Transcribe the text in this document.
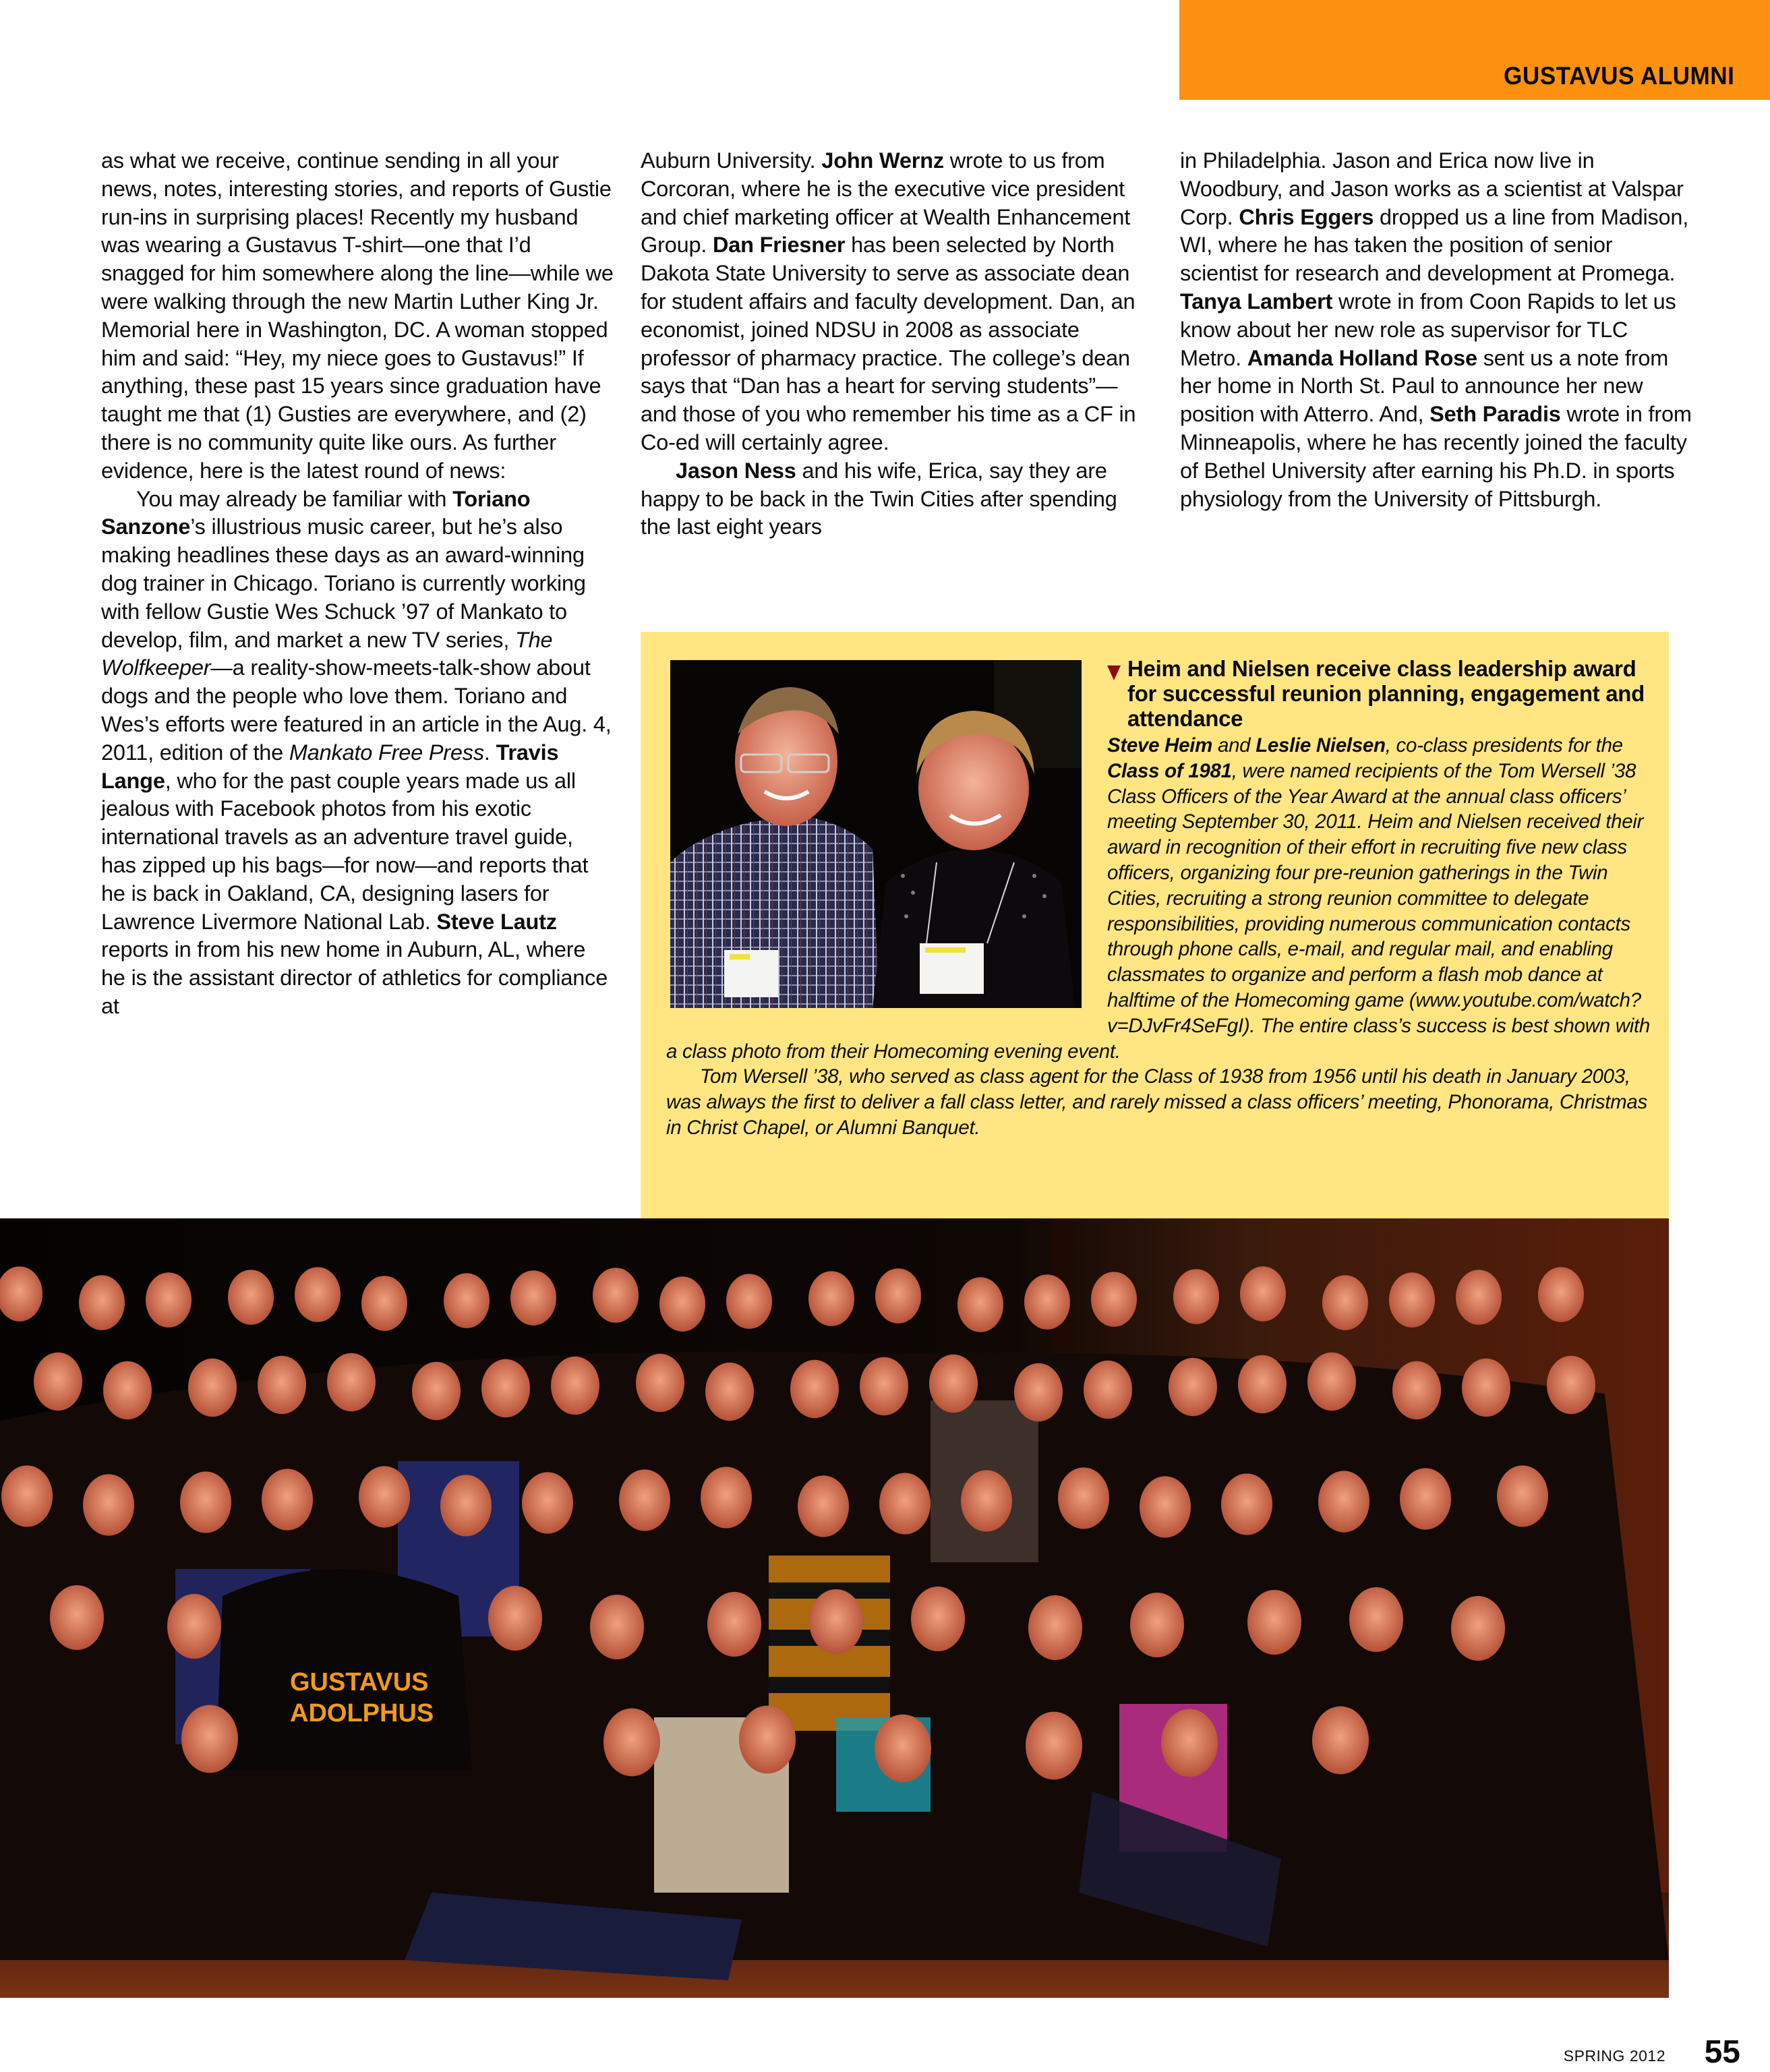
GUSTAVUS ALUMNI

as what we receive, continue sending in all your news, notes, interesting stories, and reports of Gustie run-ins in surprising places! Recently my husband was wearing a Gustavus T-shirt—one that I’d snagged for him somewhere along the line—while we were walking through the new Martin Luther King Jr. Memorial here in Washington, DC. A woman stopped him and said: “Hey, my niece goes to Gustavus!” If anything, these past 15 years since graduation have taught me that (1) Gusties are everywhere, and (2) there is no community quite like ours. As further evidence, here is the latest round of news:

You may already be familiar with Toriano Sanzone’s illustrious music career, but he’s also making headlines these days as an award-winning dog trainer in Chicago. Toriano is currently working with fellow Gustie Wes Schuck ’97 of Mankato to develop, film, and market a new TV series, The Wolfkeeper—a reality-show-meets-talk-show about dogs and the people who love them. Toriano and Wes’s efforts were featured in an article in the Aug. 4, 2011, edition of the Mankato Free Press. Travis Lange, who for the past couple years made us all jealous with Facebook photos from his exotic international travels as an adventure travel guide, has zipped up his bags—for now—and reports that he is back in Oakland, CA, designing lasers for Lawrence Livermore National Lab. Steve Lautz reports in from his new home in Auburn, AL, where he is the assistant director of athletics for compliance at

Auburn University. John Wernz wrote to us from Corcoran, where he is the executive vice president and chief marketing officer at Wealth Enhancement Group. Dan Friesner has been selected by North Dakota State University to serve as associate dean for student affairs and faculty development. Dan, an economist, joined NDSU in 2008 as associate professor of pharmacy practice. The college’s dean says that “Dan has a heart for serving students”—and those of you who remember his time as a CF in Co-ed will certainly agree.

Jason Ness and his wife, Erica, say they are happy to be back in the Twin Cities after spending the last eight years

in Philadelphia. Jason and Erica now live in Woodbury, and Jason works as a scientist at Valspar Corp. Chris Eggers dropped us a line from Madison, WI, where he has taken the position of senior scientist for research and development at Promega. Tanya Lambert wrote in from Coon Rapids to let us know about her new role as supervisor for TLC Metro. Amanda Holland Rose sent us a note from her home in North St. Paul to announce her new position with Atterro. And, Seth Paradis wrote in from Minneapolis, where he has recently joined the faculty of Bethel University after earning his Ph.D. in sports physiology from the University of Pittsburgh.

Heim and Nielsen receive class leadership award for successful reunion planning, engagement and attendance

Steve Heim and Leslie Nielsen, co-class presidents for the Class of 1981, were named recipients of the Tom Wersell ’38 Class Officers of the Year Award at the annual class officers’ meeting September 30, 2011. Heim and Nielsen received their award in recognition of their effort in recruiting five new class officers, organizing four pre-reunion gatherings in the Twin Cities, recruiting a strong reunion committee to delegate responsibilities, providing numerous communication contacts through phone calls, e-mail, and regular mail, and enabling classmates to organize and perform a flash mob dance at halftime of the Homecoming game (www.youtube.com/watch?v=DJvFr4SeFgI). The entire class’s success is best shown with a class photo from their Homecoming evening event.

Tom Wersell ’38, who served as class agent for the Class of 1938 from 1956 until his death in January 2003, was always the first to deliver a fall class letter, and rarely missed a class officers’ meeting, Phonorama, Christmas in Christ Chapel, or Alumni Banquet.

GUSTAVUS ADOLPHUS
SPRING 2012 55
